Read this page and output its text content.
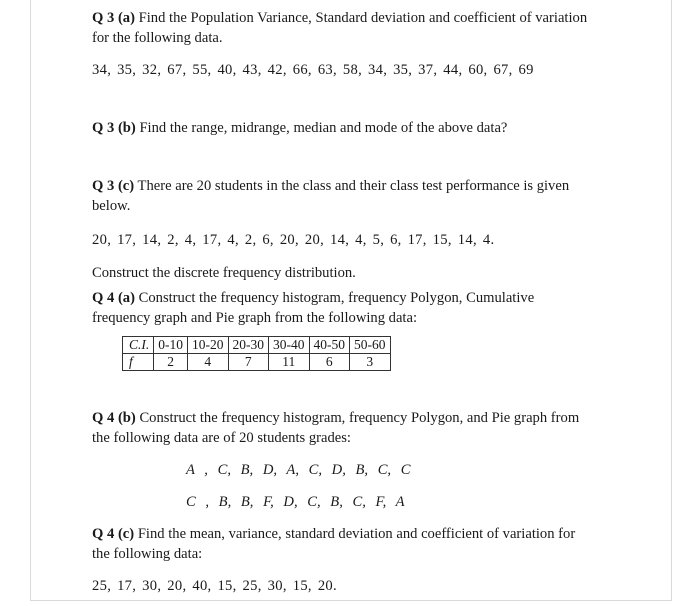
Q 3 (a) Find the Population Variance, Standard deviation and coefficient of variation

for the following data.

34, 35, 32, 67, 55, 40, 43, 42, 66, 63, 58, 34, 35, 37, 44, 60, 67, 69

Q 3 (b) Find the range, midrange, median and mode of the above data?

Q 3 (c) There are 20 students in the class and their class test performance is given

below.

20, 17, 14, 2, 4, 17, 4, 2, 6, 20, 20, 14, 4, 5, 6, 17, 15, 14, 4.

Construct the discrete frequency distribution.

Q 4 (a) Construct the frequency histogram, frequency Polygon, Cumulative

frequency graph and Pie graph from the following data:

C.I.	0-10	10-20	20-30	30-40	40-50	50-60
f	2	4	7	11	6	3

Q 4 (b) Construct the frequency histogram, frequency Polygon, and Pie graph from

the following data are of 20 students grades:

A , C, B, D, A, C, D, B, C, C

C , B, B, F, D, C, B, C, F, A

Q 4 (c) Find the mean, variance, standard deviation and coefficient of variation for

the following data:

25, 17, 30, 20, 40, 15, 25, 30, 15, 20.
